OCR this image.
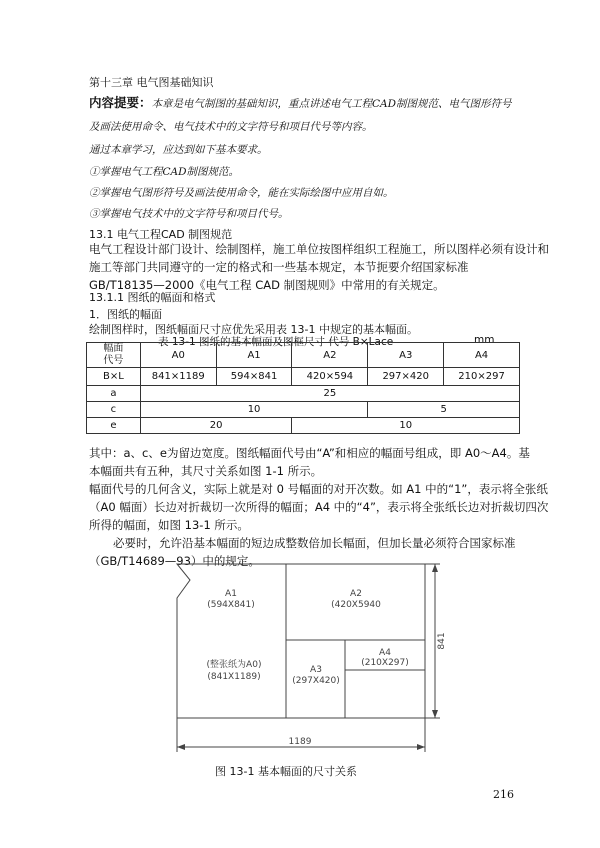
第十三章 电气图基础知识
内容提要：本章是电气制图的基础知识，重点讲述电气工程CAD制图规范、电气图形符号
及画法使用命令、电气技术中的文字符号和项目代号等内容。
通过本章学习，应达到如下基本要求。
①掌握电气工程CAD制图规范。
②掌握电气图形符号及画法使用命令，能在实际绘图中应用自如。
③掌握电气技术中的文字符号和项目代号。
13.1 电气工程CAD 制图规范
电气工程设计部门设计、绘制图样，施工单位按图样组织工程施工，所以图样必须有设计和
施工等部门共同遵守的一定的格式和一些基本规定，本节扼要介绍国家标准
GB/T18135—2000《电气工程 CAD 制图规则》中常用的有关规定。
13.1.1 图纸的幅面和格式
1．图纸的幅面
绘制图样时，图纸幅面尺寸应优先采用表 13-1 中规定的基本幅面。
表 13-1 图纸的基本幅面及图框尺寸 代号 B×Lace	mm
幅面
代号	A0	A1	A2	A3	A4
B×L	841×1189	594×841	420×594	297×420	210×297
a	25				
c	10			5	
e	20		10		
其中：a、c、e为留边宽度。图纸幅面代号由“A”和相应的幅面号组成，即 A0～A4。基
本幅面共有五种，其尺寸关系如图 1-1 所示。
幅面代号的几何含义，实际上就是对 0 号幅面的对开次数。如 A1 中的“1”，表示将全张纸
（A0 幅面）长边对折裁切一次所得的幅面；A4 中的“4”，表示将全张纸长边对折裁切四次
所得的幅面，如图 13-1 所示。
必要时，允许沿基本幅面的短边成整数倍加长幅面，但加长量必须符合国家标准
（GB/T14689—93）中的规定。
A1
(594X841)
A2
(420X5940
(整张纸为A0)
(841X1189)
A3
(297X420)
A4
(210X297)
1189
841
图 13-1 基本幅面的尺寸关系
216
